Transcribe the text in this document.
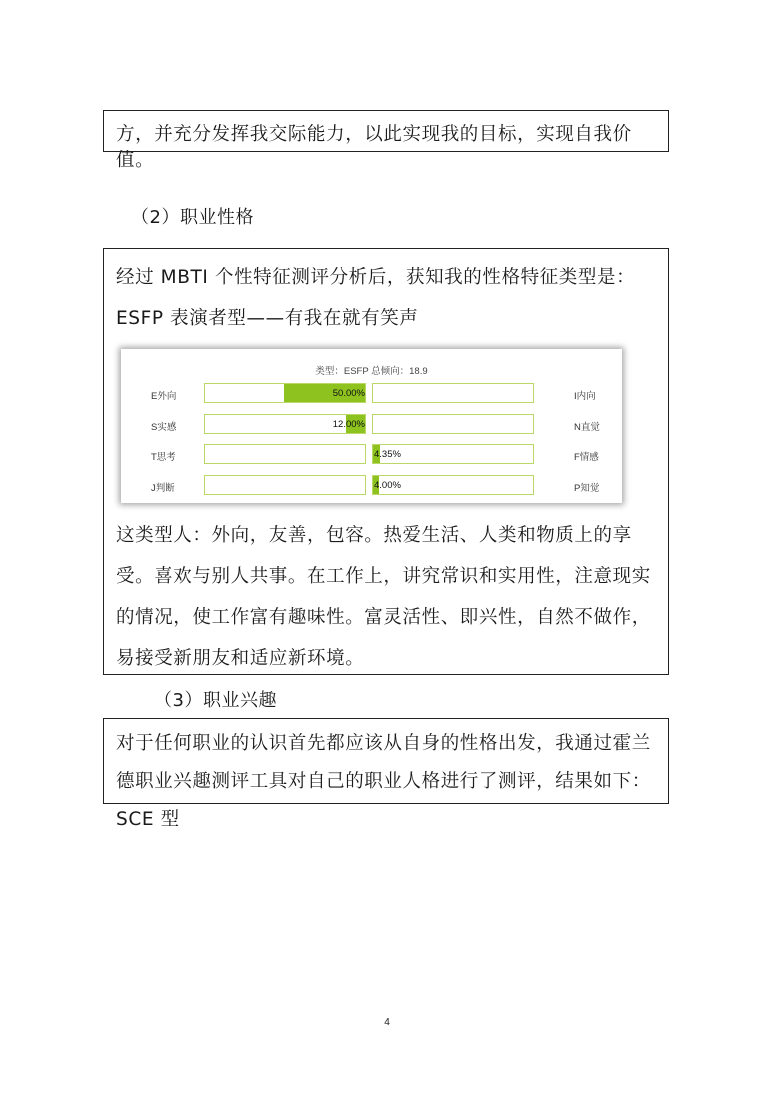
方，并充分发挥我交际能力，以此实现我的目标，实现自我价值。

（2）职业性格

经过 MBTI 个性特征测评分析后，获知我的性格特征类型是：ESFP 表演者型——有我在就有笑声

类型：ESFP 总倾向：18.9
E外向	50.00%	I内向
S实感	12.00%	N直觉
T思考	4.35%	F情感
J判断	4.00%	P知觉

这类型人：外向，友善，包容。热爱生活、人类和物质上的享受。喜欢与别人共事。在工作上，讲究常识和实用性，注意现实的情况，使工作富有趣味性。富灵活性、即兴性，自然不做作，易接受新朋友和适应新环境。

（3）职业兴趣

对于任何职业的认识首先都应该从自身的性格出发，我通过霍兰德职业兴趣测评工具对自己的职业人格进行了测评，结果如下：SCE 型

4
